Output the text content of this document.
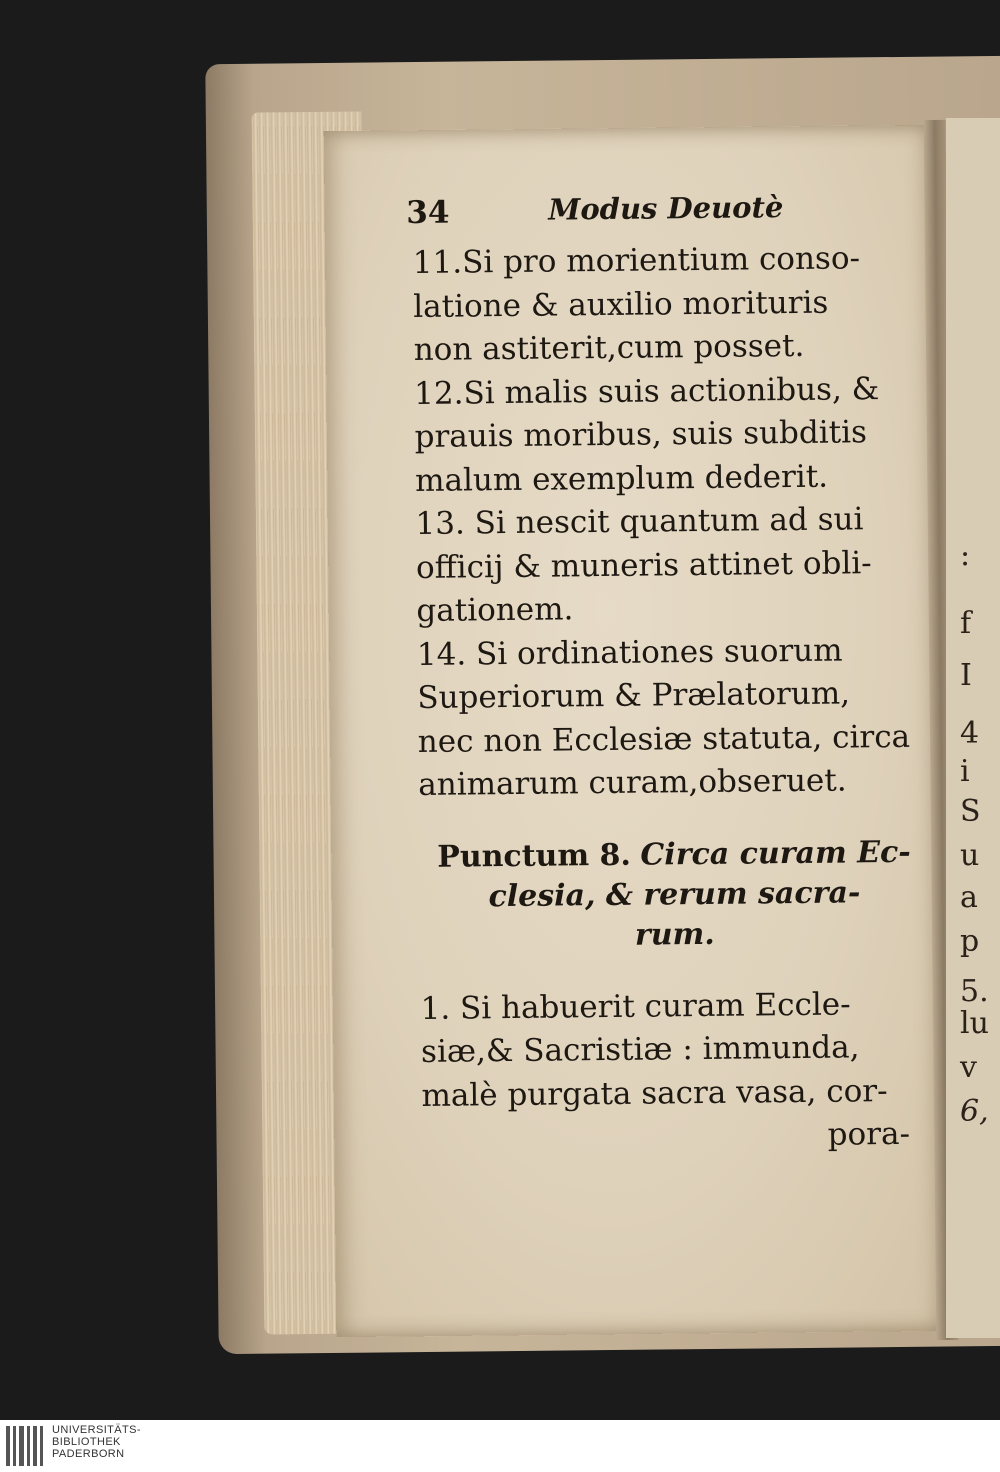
:
f
I
4
i
S
u
a
p
5.
lu
v
6,
34	Modus Deuotè
11.Si pro morientium conso-
latione & auxilio morituris
non astiterit,cum posset.
12.Si malis suis actionibus, &
prauis moribus, suis subditis
malum exemplum dederit.
13. Si nescit quantum ad sui
officij & muneris attinet obli-
gationem.
14. Si ordinationes suorum
Superiorum & Prælatorum,
nec non Ecclesiæ statuta, circa
animarum curam,obseruet.
Punctum 8. Circa curam Ec-
clesia, & rerum sacra-
rum.
1. Si habuerit curam Eccle-
siæ,& Sacristiæ : immunda,
malè purgata sacra vasa, cor-
pora-
UNIVERSITÄTS-
BIBLIOTHEK
PADERBORN
